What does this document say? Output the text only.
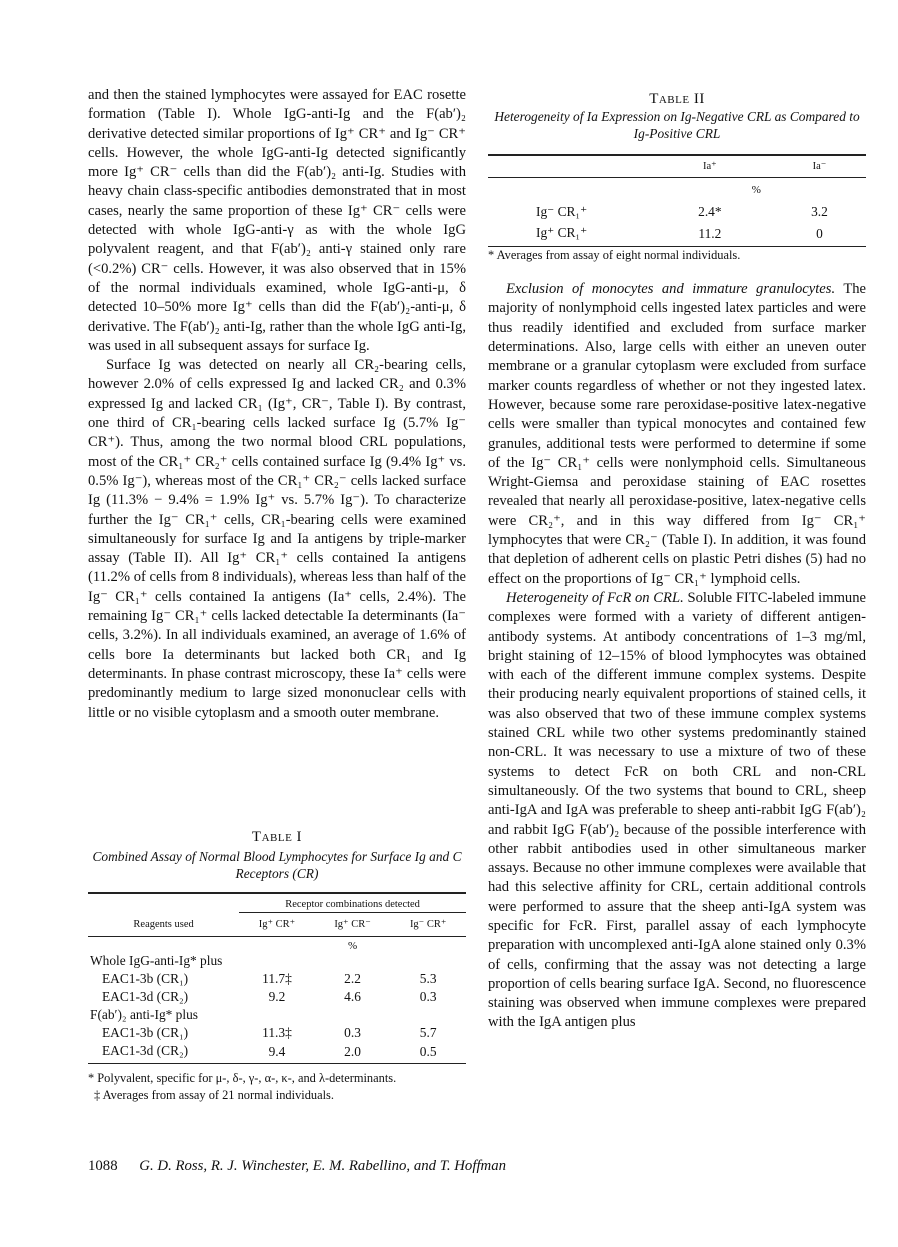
and then the stained lymphocytes were assayed for EAC rosette formation (Table I). Whole IgG-anti-Ig and the F(ab′)₂ derivative detected similar proportions of Ig⁺ CR⁺ and Ig⁻ CR⁺ cells. However, the whole IgG-anti-Ig detected significantly more Ig⁺ CR⁻ cells than did the F(ab′)₂ anti-Ig. Studies with heavy chain class-specific antibodies demonstrated that in most cases, nearly the same proportion of these Ig⁺ CR⁻ cells were detected with whole IgG-anti-γ as with the whole IgG polyvalent reagent, and that F(ab′)₂ anti-γ stained only rare (<0.2%) CR⁻ cells. However, it was also observed that in 15% of the normal individuals examined, whole IgG-anti-μ, δ detected 10–50% more Ig⁺ cells than did the F(ab′)₂-anti-μ, δ derivative. The F(ab′)₂ anti-Ig, rather than the whole IgG anti-Ig, was used in all subsequent assays for surface Ig.

Surface Ig was detected on nearly all CR₂-bearing cells, however 2.0% of cells expressed Ig and lacked CR₂ and 0.3% expressed Ig and lacked CR₁ (Ig⁺, CR⁻, Table I). By contrast, one third of CR₁-bearing cells lacked surface Ig (5.7% Ig⁻ CR⁺). Thus, among the two normal blood CRL populations, most of the CR₁⁺ CR₂⁺ cells contained surface Ig (9.4% Ig⁺ vs. 0.5% Ig⁻), whereas most of the CR₁⁺ CR₂⁻ cells lacked surface Ig (11.3% − 9.4% = 1.9% Ig⁺ vs. 5.7% Ig⁻). To characterize further the Ig⁻ CR₁⁺ cells, CR₁-bearing cells were examined simultaneously for surface Ig and Ia antigens by triple-marker assay (Table II). All Ig⁺ CR₁⁺ cells contained Ia antigens (11.2% of cells from 8 individuals), whereas less than half of the Ig⁻ CR₁⁺ cells contained Ia antigens (Ia⁺ cells, 2.4%). The remaining Ig⁻ CR₁⁺ cells lacked detectable Ia determinants (Ia⁻ cells, 3.2%). In all individuals examined, an average of 1.6% of cells bore Ia determinants but lacked both CR₁ and Ig determinants. In phase contrast microscopy, these Ia⁺ cells were predominantly medium to large sized mononuclear cells with little or no visible cytoplasm and a smooth outer membrane.

Table I

Combined Assay of Normal Blood Lymphocytes for Surface Ig and C Receptors (CR)

	Receptor combinations detected		
Reagents used	Ig⁺ CR⁺	Ig⁺ CR⁻	Ig⁻ CR⁺
	%		
Whole IgG-anti-Ig* plus			
EAC1-3b (CR₁)	11.7‡	2.2	5.3
EAC1-3d (CR₂)	9.2	4.6	0.3
F(ab′)₂ anti-Ig* plus			
EAC1-3b (CR₁)	11.3‡	0.3	5.7
EAC1-3d (CR₂)	9.4	2.0	0.5

* Polyvalent, specific for μ-, δ-, γ-, α-, κ-, and λ-determinants.

‡ Averages from assay of 21 normal individuals.

Table II

Heterogeneity of Ia Expression on Ig-Negative CRL as Compared to Ig-Positive CRL

	Ia⁺	Ia⁻
	%	
Ig⁻ CR₁⁺	2.4*	3.2
Ig⁺ CR₁⁺	11.2	0

* Averages from assay of eight normal individuals.

Exclusion of monocytes and immature granulocytes. The majority of nonlymphoid cells ingested latex particles and were thus readily identified and excluded from surface marker determinations. Also, large cells with either an uneven outer membrane or a granular cytoplasm were excluded from surface marker counts regardless of whether or not they ingested latex. However, because some rare peroxidase-positive latex-negative cells were smaller than typical monocytes and contained few granules, additional tests were performed to determine if some of the Ig⁻ CR₁⁺ cells were nonlymphoid cells. Simultaneous Wright-Giemsa and peroxidase staining of EAC rosettes revealed that nearly all peroxidase-positive, latex-negative cells were CR₂⁺, and in this way differed from Ig⁻ CR₁⁺ lymphocytes that were CR₂⁻ (Table I). In addition, it was found that depletion of adherent cells on plastic Petri dishes (5) had no effect on the proportions of Ig⁻ CR₁⁺ lymphoid cells.

Heterogeneity of FcR on CRL. Soluble FITC-labeled immune complexes were formed with a variety of different antigen-antibody systems. At antibody concentrations of 1–3 mg/ml, bright staining of 12–15% of blood lymphocytes was obtained with each of the different immune complex systems. Despite their producing nearly equivalent proportions of stained cells, it was also observed that two of these immune complex systems stained CRL while two other systems predominantly stained non-CRL. It was necessary to use a mixture of two of these systems to detect FcR on both CRL and non-CRL simultaneously. Of the two systems that bound to CRL, sheep anti-IgA and IgA was preferable to sheep anti-rabbit IgG F(ab′)₂ and rabbit IgG F(ab′)₂ because of the possible interference with other rabbit antibodies used in other simultaneous marker assays. Because no other immune complexes were available that had this selective affinity for CRL, certain additional controls were performed to assure that the sheep anti-IgA system was specific for FcR. First, parallel assay of each lymphocyte preparation with uncomplexed anti-IgA alone stained only 0.3% of cells, confirming that the assay was not detecting a large proportion of cells bearing surface IgA. Second, no fluorescence staining was observed when immune complexes were prepared with the IgA antigen plus

1088 G. D. Ross, R. J. Winchester, E. M. Rabellino, and T. Hoffman
